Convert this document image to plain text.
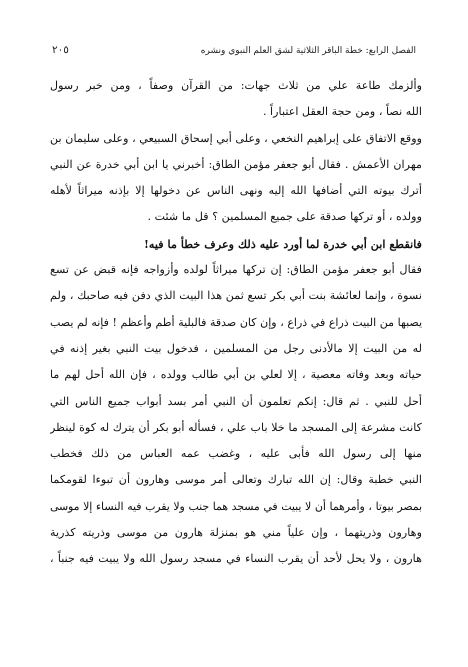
الفصل الرابع: خطة الباقر الثلاثية لشق العلم النبوي ونشره
٢٠٥
وألزمك طاعة علي من ثلاث جهات: من القرآن وصفاً ، ومن خبر رسول
الله نصاً ، ومن حجة العقل اعتباراً .
ووقع الاتفاق على إبراهيم النخعي ، وعلى أبي إسحاق السبيعي ، وعلى سليمان بن
مهران الأعمش . فقال أبو جعفر مؤمن الطاق: أخبرني يا ابن أبي خدرة عن النبي
أترك بيوته التي أضافها الله إليه ونهى الناس عن دخولها إلا بإذنه ميراثاً لأهله
وولده ، أو تركها صدقة على جميع المسلمين ؟ قل ما شئت .
فانقطع ابن أبي خدرة لما أورد عليه ذلك وعرف خطأ ما فيه!
فقال أبو جعفر مؤمن الطاق: إن تركها ميراثاً لولده وأزواجه فإنه قبض عن تسع
نسوة ، وإنما لعائشة بنت أبي بكر تسع ثمن هذا البيت الذي دفن فيه صاحبك ، ولم
يصبها من البيت ذراع في ذراع ، وإن كان صدقة فالبلية أطم وأعظم ! فإنه لم يصب
له من البيت إلا مالأدنى رجل من المسلمين ، فدخول بيت النبي بغير إذنه في
حياته وبعد وفاته معصية ، إلا لعلي بن أبي طالب وولده ، فإن الله أحل لهم ما
أحل للنبي . ثم قال: إنكم تعلمون أن النبي أمر بسد أبواب جميع الناس التي
كانت مشرعة إلى المسجد ما خلا باب علي ، فسأله أبو بكر أن يترك له كوة لينظر
منها إلى رسول الله فأبى عليه ، وغضب عمه العباس من ذلك فخطب
النبي خطبة وقال: إن الله تبارك وتعالى أمر موسى وهارون أن تبوءا لقومكما
بمصر بيوتا ، وأمرهما أن لا يبيت في مسجد هما جنب ولا يقرب فيه النساء إلا موسى
وهارون وذريتهما ، وإن علياً مني هو بمنزلة هارون من موسى وذريته كذرية
هارون ، ولا يحل لأحد أن يقرب النساء في مسجد رسول الله ولا يبيت فيه جنباً ،
